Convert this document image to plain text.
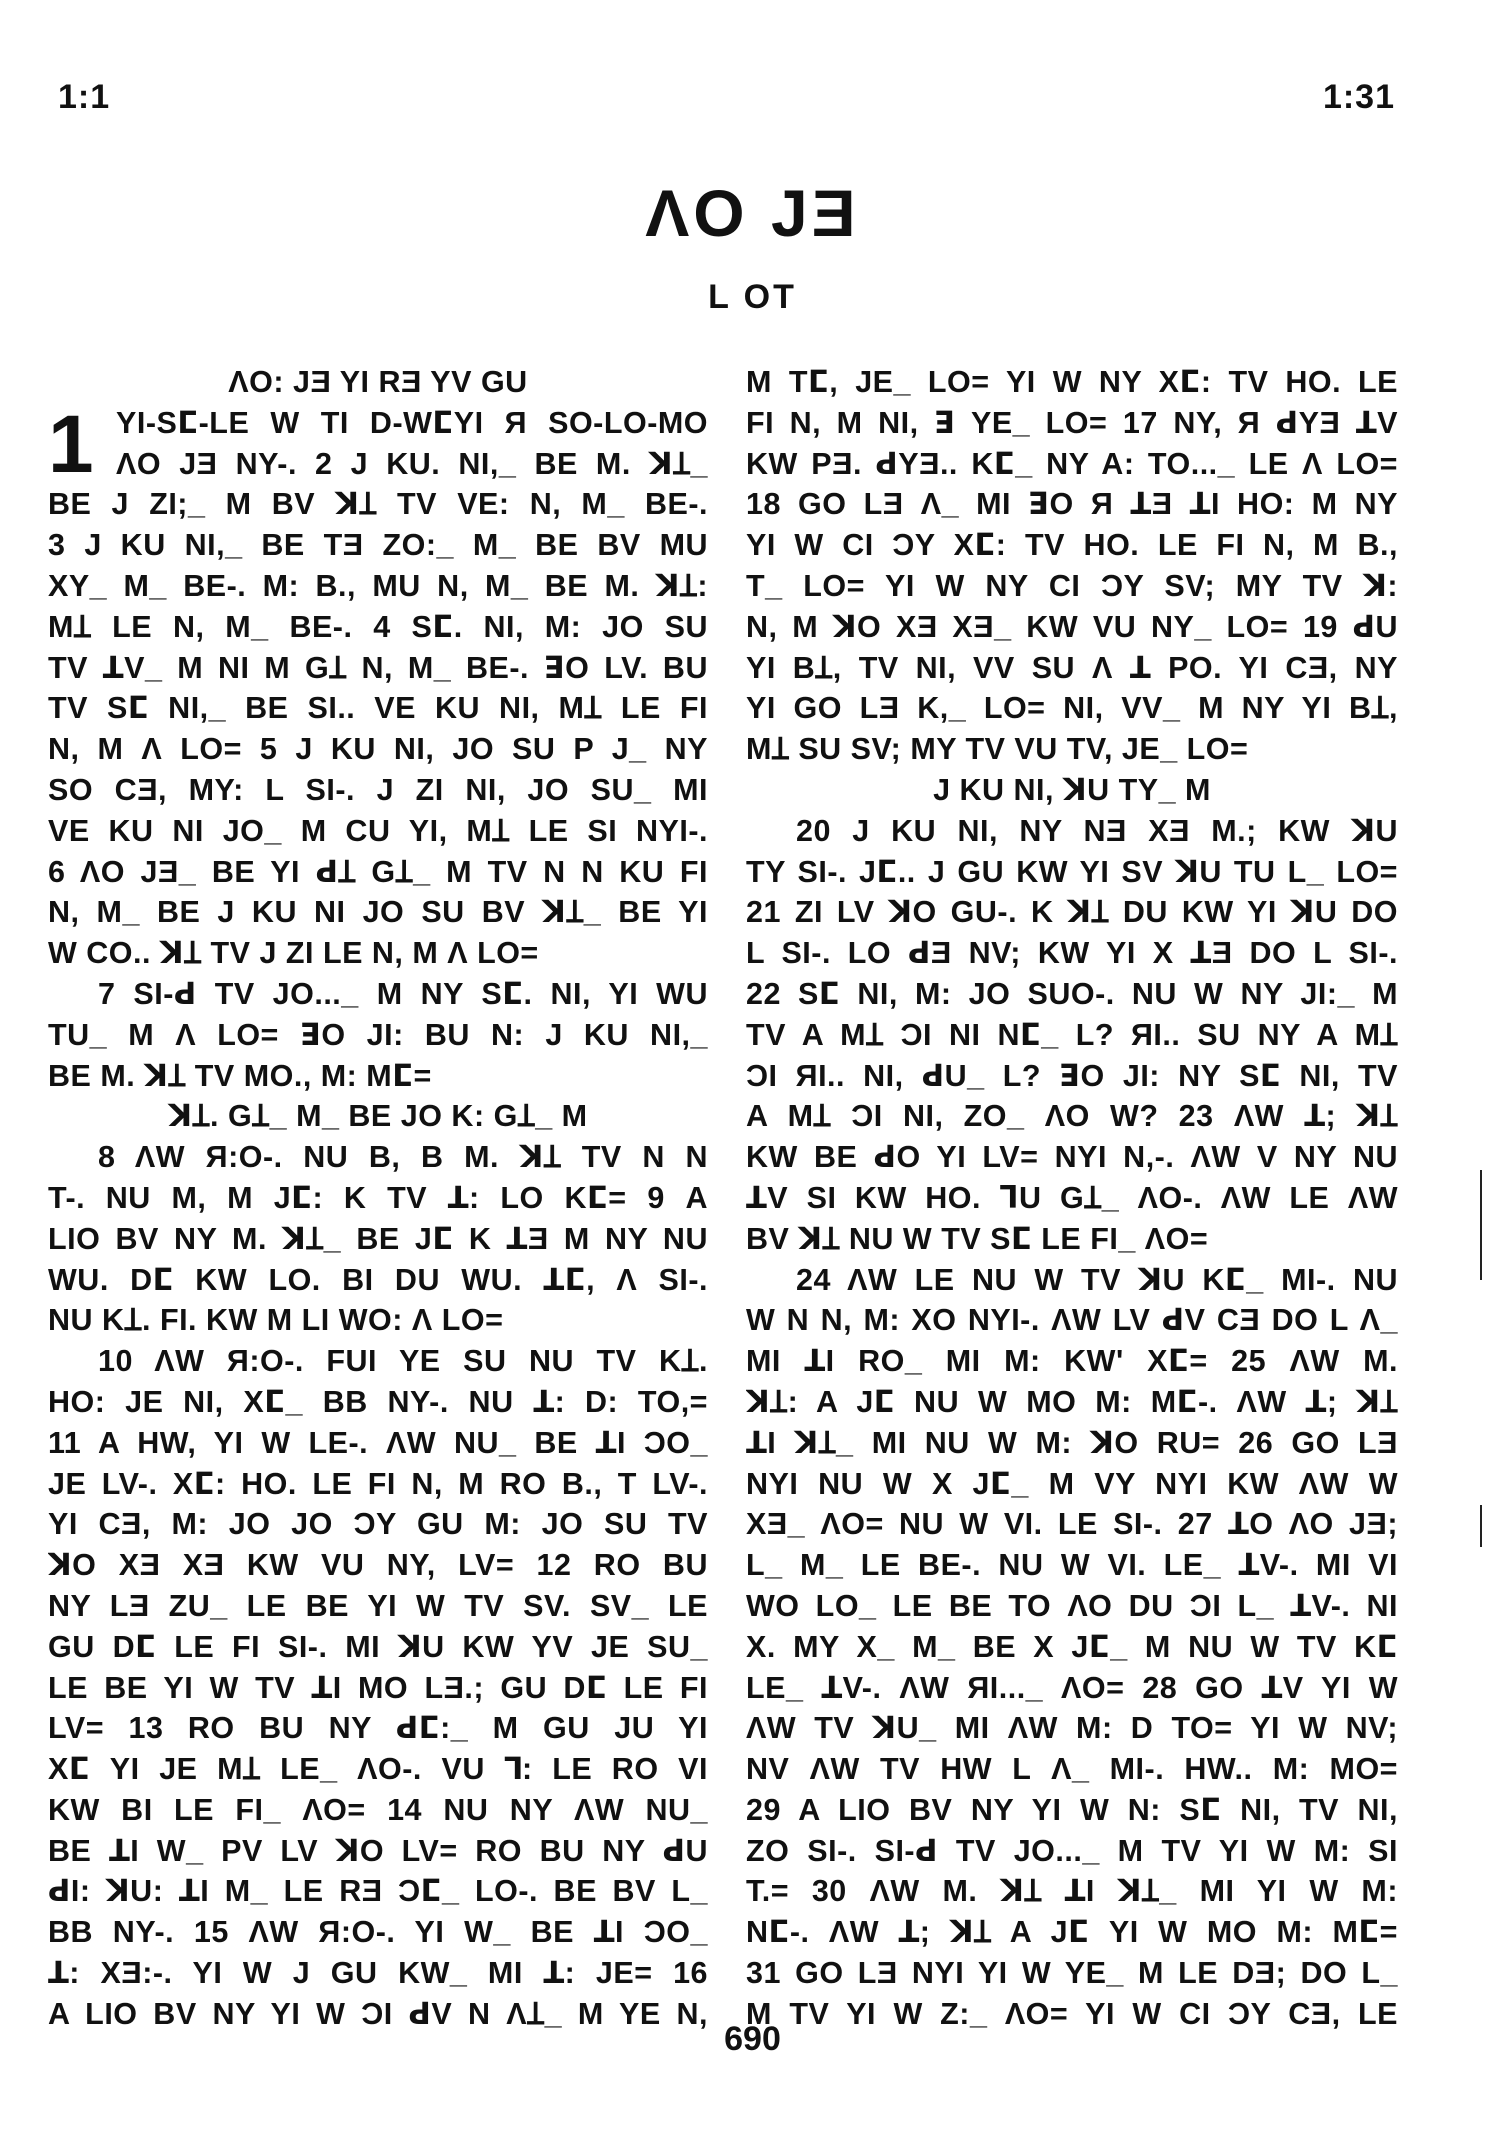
1:1	1:31
ΛO JƎ
L OT
ΛO: JƎ YI RƎ YV GU
1 YI-Sⵎ-LE W TI D-WⵎYI Я SO-LO-MO
ΛO JƎ NY-. 2 J KU. NI,_ BE M. ꓘꞱ_
BE J ZI;_ M BV ꓘꞱ TV VE: N, M_ BE-.
3 J KU NI,_ BE TƎ ZO:_ M_ BE BV MU
XY_ M_ BE-. M: B., MU N, M_ BE M. ꓘꞱ:
MꞱ LE N, M_ BE-. 4 Sⵎ. NI, M: JO SU
TV ꓕV_ M NI M GꞱ N, M_ BE-. ꓱO LV. BU
TV Sⵎ NI,_ BE SI.. VE KU NI, MꞱ LE FI
N, M Λ LO= 5 J KU NI, JO SU P J_ NY
SO CƎ, MY: L SI-. J ZI NI, JO SU_ MI
VE KU NI JO_ M CU YI, MꞱ LE SI NYI-.
6 ΛO JƎ_ BE YI ꓒꞱ GꞱ_ M TV N N KU FI
N, M_ BE J KU NI JO SU BV ꓘꞱ_ BE YI
W CO.. ꓘꞱ TV J ZI LE N, M Λ LO=
7 SI-ꓒ TV JO..._ M NY Sⵎ. NI, YI WU
TU_ M Λ LO= ꓱO JI: BU N: J KU NI,_
BE M. ꓘꞱ TV MO., M: Mⵎ=
ꓘꞱ. GꞱ_ M_ BE JO K: GꞱ_ M
8 ΛW Я:O-. NU B, B M. ꓘꞱ TV N N
T-. NU M, M Jⵎ: K TV ꓕ: LO Kⵎ= 9 A
LIO BV NY M. ꓘꞱ_ BE Jⵎ K ꓕƎ M NY NU
WU. Dⵎ KW LO. BI DU WU. ꓕⵎ, Λ SI-.
NU KꞱ. FI. KW M LI WO: Λ LO=
10 ΛW Я:O-. FUI YE SU NU TV KꞱ.
HO: JE NI, Xⵎ_ BB NY-. NU ꓕ: D: TO,=
11 A HW, YI W LE-. ΛW NU_ BE ꓕI ƆO_
JE LV-. Xⵎ: HO. LE FI N, M RO B., T LV-.
YI CƎ, M: JO JO ƆY GU M: JO SU TV
ꓘO XƎ XƎ KW VU NY, LV= 12 RO BU
NY LƎ ZU_ LE BE YI W TV SV. SV_ LE
GU Dⵎ LE FI SI-. MI ꓘU KW YV JE SU_
LE BE YI W TV ꓕI MO LƎ.; GU Dⵎ LE FI
LV= 13 RO BU NY ꓒⵎ:_ M GU JU YI
Xⵎ YI JE MꞱ LE_ ΛO-. VU ꓶ: LE RO VI
KW BI LE FI_ ΛO= 14 NU NY ΛW NU_
BE ꓕI W_ PV LV ꓘO LV= RO BU NY ꓒU
ꓒI: ꓘU: ꓕI M_ LE RƎ Ɔⵎ_ LO-. BE BV L_
BB NY-. 15 ΛW Я:O-. YI W_ BE ꓕI ƆO_
ꓕ: XƎ:-. YI W J GU KW_ MI ꓕ: JE= 16
A LIO BV NY YI W ƆI ꓒV N ΛꞱ_ M YE N,
M Tⵎ, JE_ LO= YI W NY Xⵎ: TV HO. LE
FI N, M NI, ꓱ YE_ LO= 17 NY, Я ꓒYƎ ꓕV
KW PƎ. ꓒYƎ.. Kⵎ_ NY A: TO..._ LE Λ LO=
18 GO LƎ Λ_ MI ꓱO Я ꓕƎ ꓕI HO: M NY
YI W CI ƆY Xⵎ: TV HO. LE FI N, M B.,
T_ LO= YI W NY CI ƆY SV; MY TV ꓘ:
N, M ꓘO XƎ XƎ_ KW VU NY_ LO= 19 ꓒU
YI BꞱ, TV NI, VV SU Λ ꓕ PO. YI CƎ, NY
YI GO LƎ K,_ LO= NI, VV_ M NY YI BꞱ,
MꞱ SU SV; MY TV VU TV, JE_ LO=
J KU NI, ꓘU TY_ M
20 J KU NI, NY NƎ XƎ M.; KW ꓘU
TY SI-. Jⵎ.. J GU KW YI SV ꓘU TU L_ LO=
21 ZI LV ꓘO GU-. K ꓘꞱ DU KW YI ꓘU DO
L SI-. LO ꓒƎ NV; KW YI X ꓕƎ DO L SI-.
22 Sⵎ NI, M: JO SUO-. NU W NY JI:_ M
TV A MꞱ ƆI NI Nⵎ_ L? ЯI.. SU NY A MꞱ
ƆI ЯI.. NI, ꓒU_ L? ꓱO JI: NY Sⵎ NI, TV
A MꞱ ƆI NI, ZO_ ΛO W? 23 ΛW ꓕ; ꓘꞱ
KW BE ꓒO YI LV= NYI N,-. ΛW V NY NU
ꓕV SI KW HO. ᒣU GꞱ_ ΛO-. ΛW LE ΛW
BV ꓘꞱ NU W TV Sⵎ LE FI_ ΛO=
24 ΛW LE NU W TV ꓘU Kⵎ_ MI-. NU
W N N, M: XO NYI-. ΛW LV ꓒV CƎ DO L Λ_
MI ꓕI RO_ MI M: KW' Xⵎ= 25 ΛW M.
ꓘꞱ: A Jⵎ NU W MO M: Mⵎ-. ΛW ꓕ; ꓘꞱ
ꓕI ꓘꞱ_ MI NU W M: ꓘO RU= 26 GO LƎ
NYI NU W X Jⵎ_ M VY NYI KW ΛW W
XƎ_ ΛO= NU W VI. LE SI-. 27 ꓕO ΛO JƎ;
L_ M_ LE BE-. NU W VI. LE_ ꓕV-. MI VI
WO LO_ LE BE TO ΛO DU ƆI L_ ꓕV-. NI
X. MY X_ M_ BE X Jⵎ_ M NU W TV Kⵎ
LE_ ꓕV-. ΛW ЯI..._ ΛO= 28 GO ꓕV YI W
ΛW TV ꓘU_ MI ΛW M: D TO= YI W NV;
NV ΛW TV HW L Λ_ MI-. HW.. M: MO=
29 A LIO BV NY YI W N: Sⵎ NI, TV NI,
ZO SI-. SI-ꓒ TV JO..._ M TV YI W M: SI
T.= 30 ΛW M. ꓘꞱ ꓕI ꓘꞱ_ MI YI W M:
Nⵎ-. ΛW ꓕ; ꓘꞱ A Jⵎ YI W MO M: Mⵎ=
31 GO LƎ NYI YI W YE_ M LE DƎ; DO L_
M TV YI W Z:_ ΛO= YI W CI ƆY CƎ, LE
690
